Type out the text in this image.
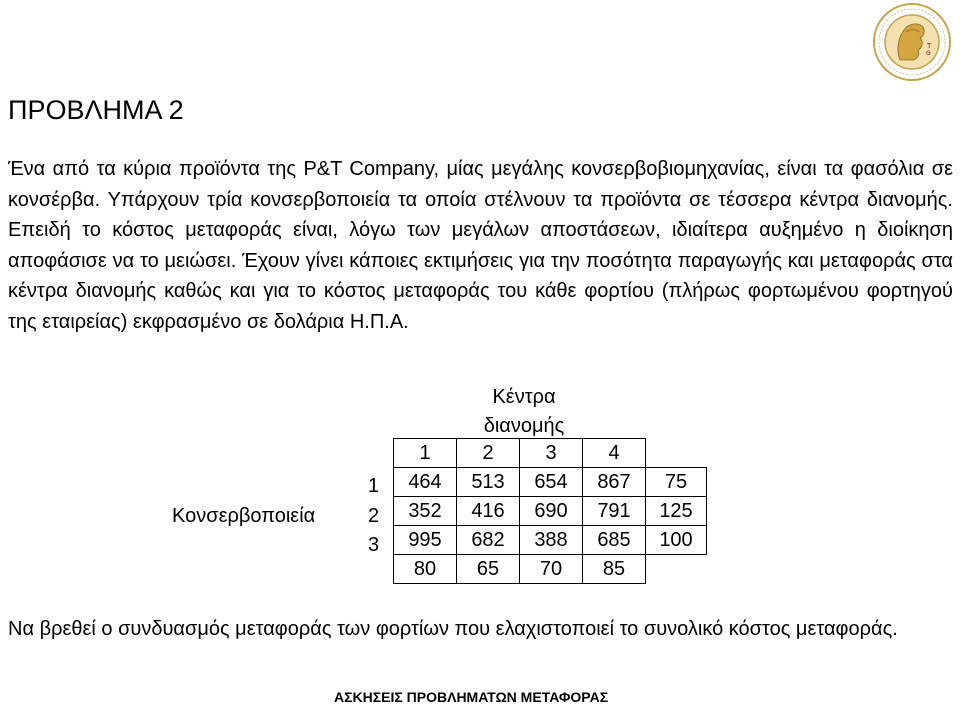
Τ
Θ
ΠΡΟΒΛΗΜΑ 2

Ένα από τα κύρια προϊόντα της P&T Company, μίας μεγάλης κονσερβοβιομηχανίας, είναι τα φασόλια σε κονσέρβα. Υπάρχουν τρία κονσερβοποιεία τα οποία στέλνουν τα προϊόντα σε τέσσερα κέντρα διανομής. Επειδή το κόστος μεταφοράς είναι, λόγω των μεγάλων αποστάσεων, ιδιαίτερα αυξημένο η διοίκηση αποφάσισε να το μειώσει. Έχουν γίνει κάποιες εκτιμήσεις για την ποσότητα παραγωγής και μεταφοράς στα κέντρα διανομής καθώς και για το κόστος μεταφοράς του κάθε φορτίου (πλήρως φορτωμένου φορτηγού της εταιρείας) εκφρασμένο σε δολάρια Η.Π.Α.

Κέντρα
διανομής
Κονσερβοποιεία
1
2
3
1	2	3	4	
464	513	654	867	75
352	416	690	791	125
995	682	388	685	100
80	65	70	85	

Να βρεθεί ο συνδυασμός μεταφοράς των φορτίων που ελαχιστοποιεί το συνολικό κόστος μεταφοράς.

ΑΣΚΗΣΕΙΣ ΠΡΟΒΛΗΜΑΤΩΝ ΜΕΤΑΦΟΡΑΣ
